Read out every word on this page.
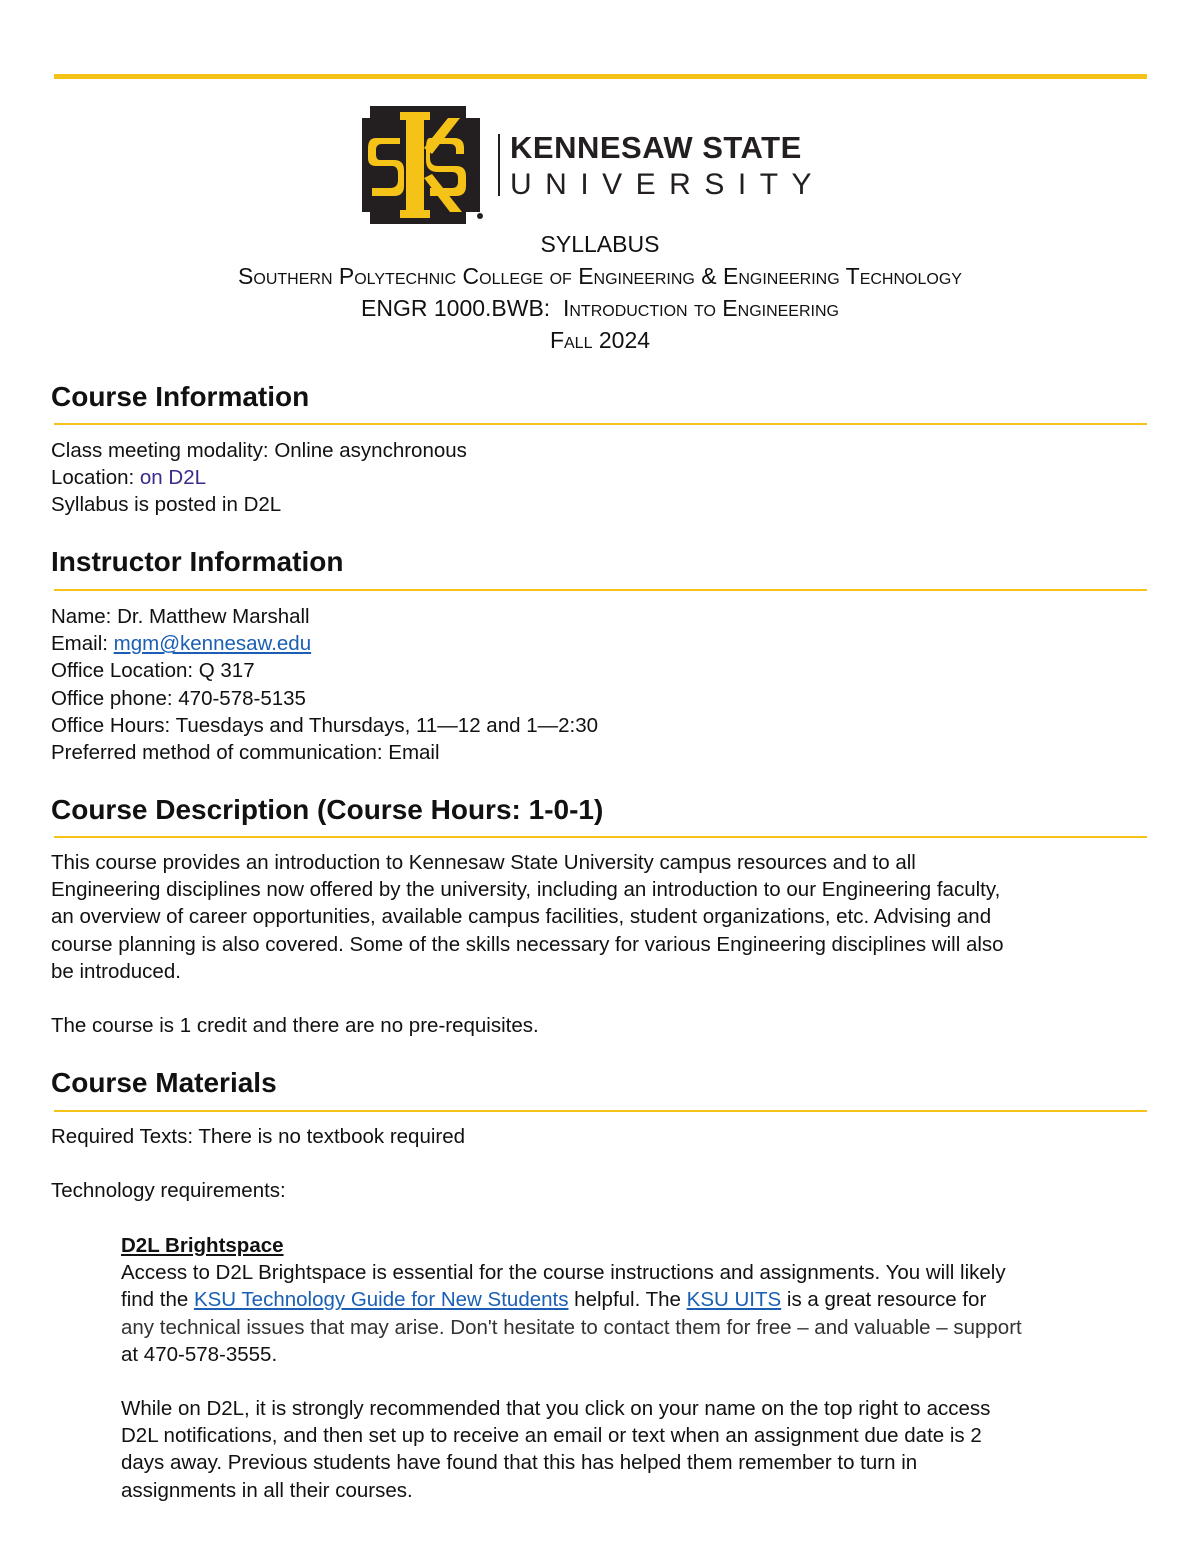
KENNESAW STATE
UNIVERSITY
SYLLABUS
Southern Polytechnic College of Engineering & Engineering Technology
ENGR 1000.BWB: Introduction to Engineering
Fall 2024
Course Information
Class meeting modality: Online asynchronous
Location: on D2L
Syllabus is posted in D2L
Instructor Information
Name: Dr. Matthew Marshall
Email: mgm@kennesaw.edu
Office Location: Q 317
Office phone: 470-578-5135
Office Hours: Tuesdays and Thursdays, 11—12 and 1—2:30
Preferred method of communication: Email
Course Description (Course Hours: 1-0-1)
This course provides an introduction to Kennesaw State University campus resources and to all
Engineering disciplines now offered by the university, including an introduction to our Engineering faculty,
an overview of career opportunities, available campus facilities, student organizations, etc. Advising and
course planning is also covered. Some of the skills necessary for various Engineering disciplines will also
be introduced.
The course is 1 credit and there are no pre-requisites.
Course Materials
Required Texts: There is no textbook required
Technology requirements:
D2L Brightspace
Access to D2L Brightspace is essential for the course instructions and assignments. You will likely
find the KSU Technology Guide for New Students helpful. The KSU UITS is a great resource for
any technical issues that may arise. Don't hesitate to contact them for free – and valuable – support
at 470-578-3555.
While on D2L, it is strongly recommended that you click on your name on the top right to access
D2L notifications, and then set up to receive an email or text when an assignment due date is 2
days away. Previous students have found that this has helped them remember to turn in
assignments in all their courses.
